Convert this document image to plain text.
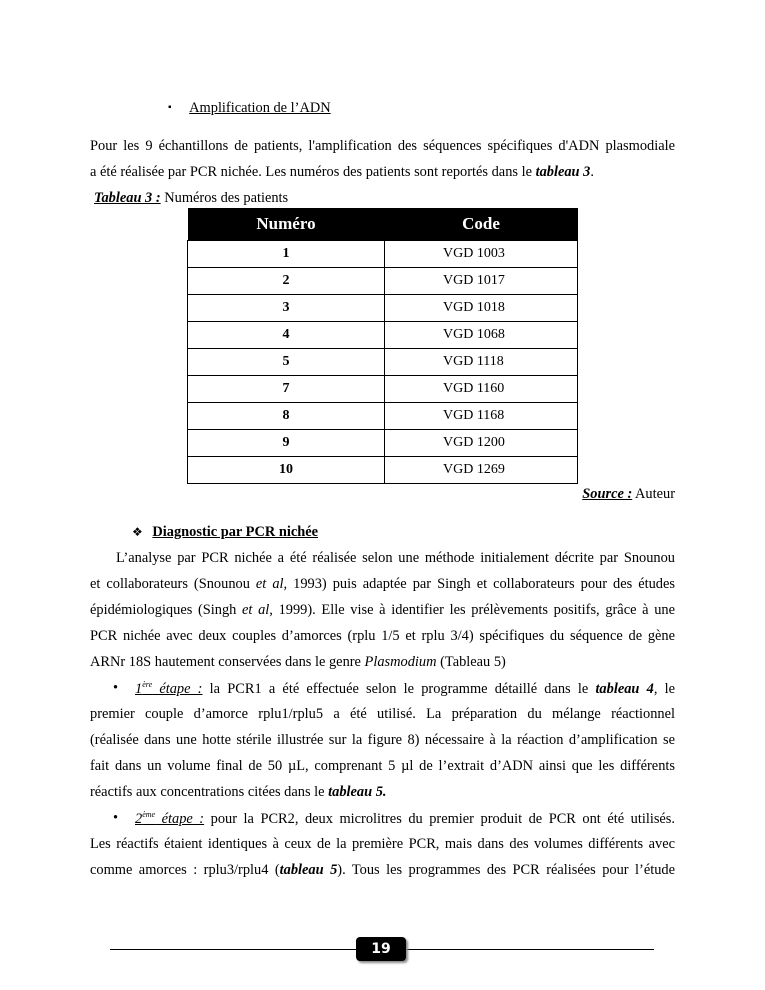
▪ Amplification de l’ADN
Pour les 9 échantillons de patients, l'amplification des séquences spécifiques d'ADN plasmodiale
a été réalisée par PCR nichée. Les numéros des patients sont reportés dans le tableau 3.
Tableau 3 : Numéros des patients
Numéro	Code
1	VGD 1003
2	VGD 1017
3	VGD 1018
4	VGD 1068
5	VGD 1118
7	VGD 1160
8	VGD 1168
9	VGD 1200
10	VGD 1269
Source : Auteur
❖ Diagnostic par PCR nichée
L’analyse par PCR nichée a été réalisée selon une méthode initialement décrite par Snounou
et collaborateurs (Snounou et al, 1993) puis adaptée par Singh et collaborateurs pour des études
épidémiologiques (Singh et al, 1999). Elle vise à identifier les prélèvements positifs, grâce à une
PCR nichée avec deux couples d’amorces (rplu 1/5 et rplu 3/4) spécifiques du séquence de gène
ARNr 18S hautement conservées dans le genre Plasmodium (Tableau 5)
• 1ère étape : la PCR1 a été effectuée selon le programme détaillé dans le tableau 4, le
premier couple d’amorce rplu1/rplu5 a été utilisé. La préparation du mélange réactionnel
(réalisée dans une hotte stérile illustrée sur la figure 8) nécessaire à la réaction d’amplification se
fait dans un volume final de 50 µL, comprenant 5 µl de l’extrait d’ADN ainsi que les différents
réactifs aux concentrations citées dans le tableau 5.
• 2ème étape : pour la PCR2, deux microlitres du premier produit de PCR ont été utilisés.
Les réactifs étaient identiques à ceux de la première PCR, mais dans des volumes différents avec
comme amorces : rplu3/rplu4 (tableau 5). Tous les programmes des PCR réalisées pour l’étude
19
